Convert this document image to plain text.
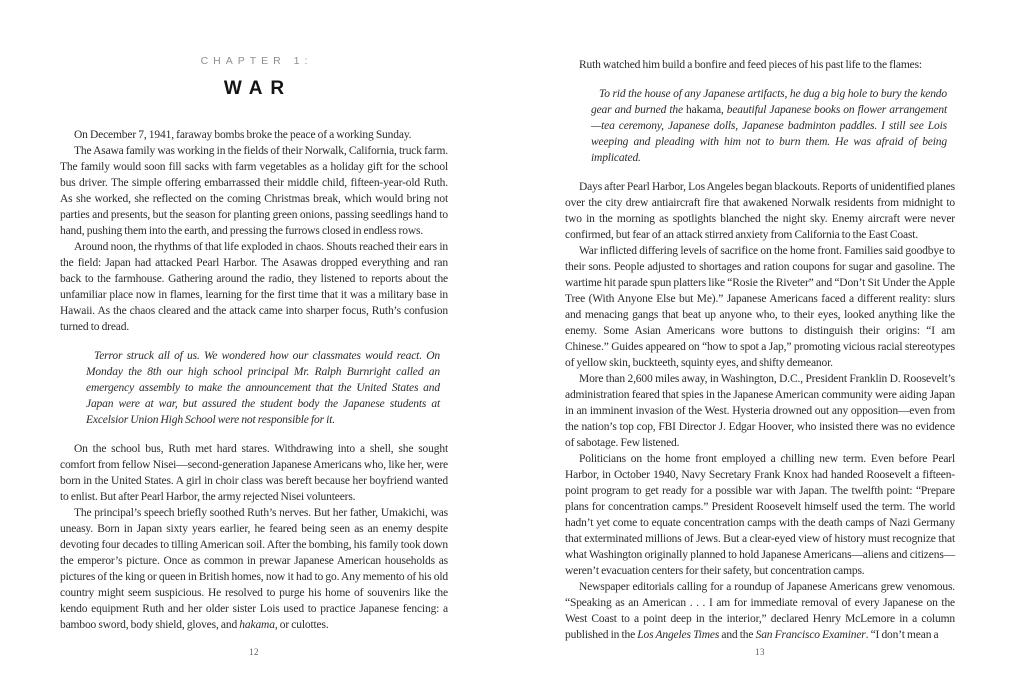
CHAPTER 1:
WAR

On December 7, 1941, faraway bombs broke the peace of a working Sunday.

The Asawa family was working in the fields of their Norwalk, California, truck farm. The family would soon fill sacks with farm vegetables as a holiday gift for the school bus driver. The simple offering embarrassed their middle child, fifteen-year-old Ruth. As she worked, she reflected on the coming Christmas break, which would bring not parties and presents, but the season for planting green onions, passing seedlings hand to hand, pushing them into the earth, and pressing the furrows closed in endless rows.

Around noon, the rhythms of that life exploded in chaos. Shouts reached their ears in the field: Japan had attacked Pearl Harbor. The Asawas dropped everything and ran back to the farmhouse. Gathering around the radio, they listened to reports about the unfamiliar place now in flames, learning for the first time that it was a military base in Hawaii. As the chaos cleared and the attack came into sharper focus, Ruth’s confusion turned to dread.

Terror struck all of us. We wondered how our classmates would react. On Monday the 8th our high school principal Mr. Ralph Burnright called an emergency assembly to make the announcement that the United States and Japan were at war, but assured the student body the Japanese students at Excelsior Union High School were not responsible for it.

On the school bus, Ruth met hard stares. Withdrawing into a shell, she sought comfort from fellow Nisei—second-generation Japanese Americans who, like her, were born in the United States. A girl in choir class was bereft because her boyfriend wanted to enlist. But after Pearl Harbor, the army rejected Nisei volunteers.

The principal’s speech briefly soothed Ruth’s nerves. But her father, Umakichi, was uneasy. Born in Japan sixty years earlier, he feared being seen as an enemy despite devoting four decades to tilling American soil. After the bombing, his family took down the emperor’s picture. Once as common in prewar Japanese American households as pictures of the king or queen in British homes, now it had to go. Any memento of his old country might seem suspicious. He resolved to purge his home of souvenirs like the kendo equipment Ruth and her older sister Lois used to practice Japanese fencing: a bamboo sword, body shield, gloves, and hakama, or culottes.

12

Ruth watched him build a bonfire and feed pieces of his past life to the flames:

To rid the house of any Japanese artifacts, he dug a big hole to bury the kendo gear and burned the hakama, beautiful Japanese books on flower arrangement—tea ceremony, Japanese dolls, Japanese badminton paddles. I still see Lois weeping and pleading with him not to burn them. He was afraid of being implicated.

Days after Pearl Harbor, Los Angeles began blackouts. Reports of unidentified planes over the city drew antiaircraft fire that awakened Norwalk residents from midnight to two in the morning as spotlights blanched the night sky. Enemy aircraft were never confirmed, but fear of an attack stirred anxiety from California to the East Coast.

War inflicted differing levels of sacrifice on the home front. Families said goodbye to their sons. People adjusted to shortages and ration coupons for sugar and gasoline. The wartime hit parade spun platters like “Rosie the Riveter” and “Don’t Sit Under the Apple Tree (With Anyone Else but Me).” Japanese Americans faced a different reality: slurs and menacing gangs that beat up anyone who, to their eyes, looked anything like the enemy. Some Asian Americans wore buttons to distinguish their origins: “I am Chinese.” Guides appeared on “how to spot a Jap,” promoting vicious racial stereotypes of yellow skin, buckteeth, squinty eyes, and shifty demeanor.

More than 2,600 miles away, in Washington, D.C., President Franklin D. Roosevelt’s administration feared that spies in the Japanese American community were aiding Japan in an imminent invasion of the West. Hysteria drowned out any opposition—even from the nation’s top cop, FBI Director J. Edgar Hoover, who insisted there was no evidence of sabotage. Few listened.

Politicians on the home front employed a chilling new term. Even before Pearl Harbor, in October 1940, Navy Secretary Frank Knox had handed Roosevelt a fifteen-point program to get ready for a possible war with Japan. The twelfth point: “Prepare plans for concentration camps.” President Roosevelt himself used the term. The world hadn’t yet come to equate concentration camps with the death camps of Nazi Germany that exterminated millions of Jews. But a clear-eyed view of history must recognize that what Washington originally planned to hold Japanese Americans—aliens and citizens—weren’t evacuation centers for their safety, but concentration camps.

Newspaper editorials calling for a roundup of Japanese Americans grew venomous. “Speaking as an American . . . I am for immediate removal of every Japanese on the West Coast to a point deep in the interior,” declared Henry McLemore in a column published in the Los Angeles Times and the San Francisco Examiner. “I don’t mean a

13
